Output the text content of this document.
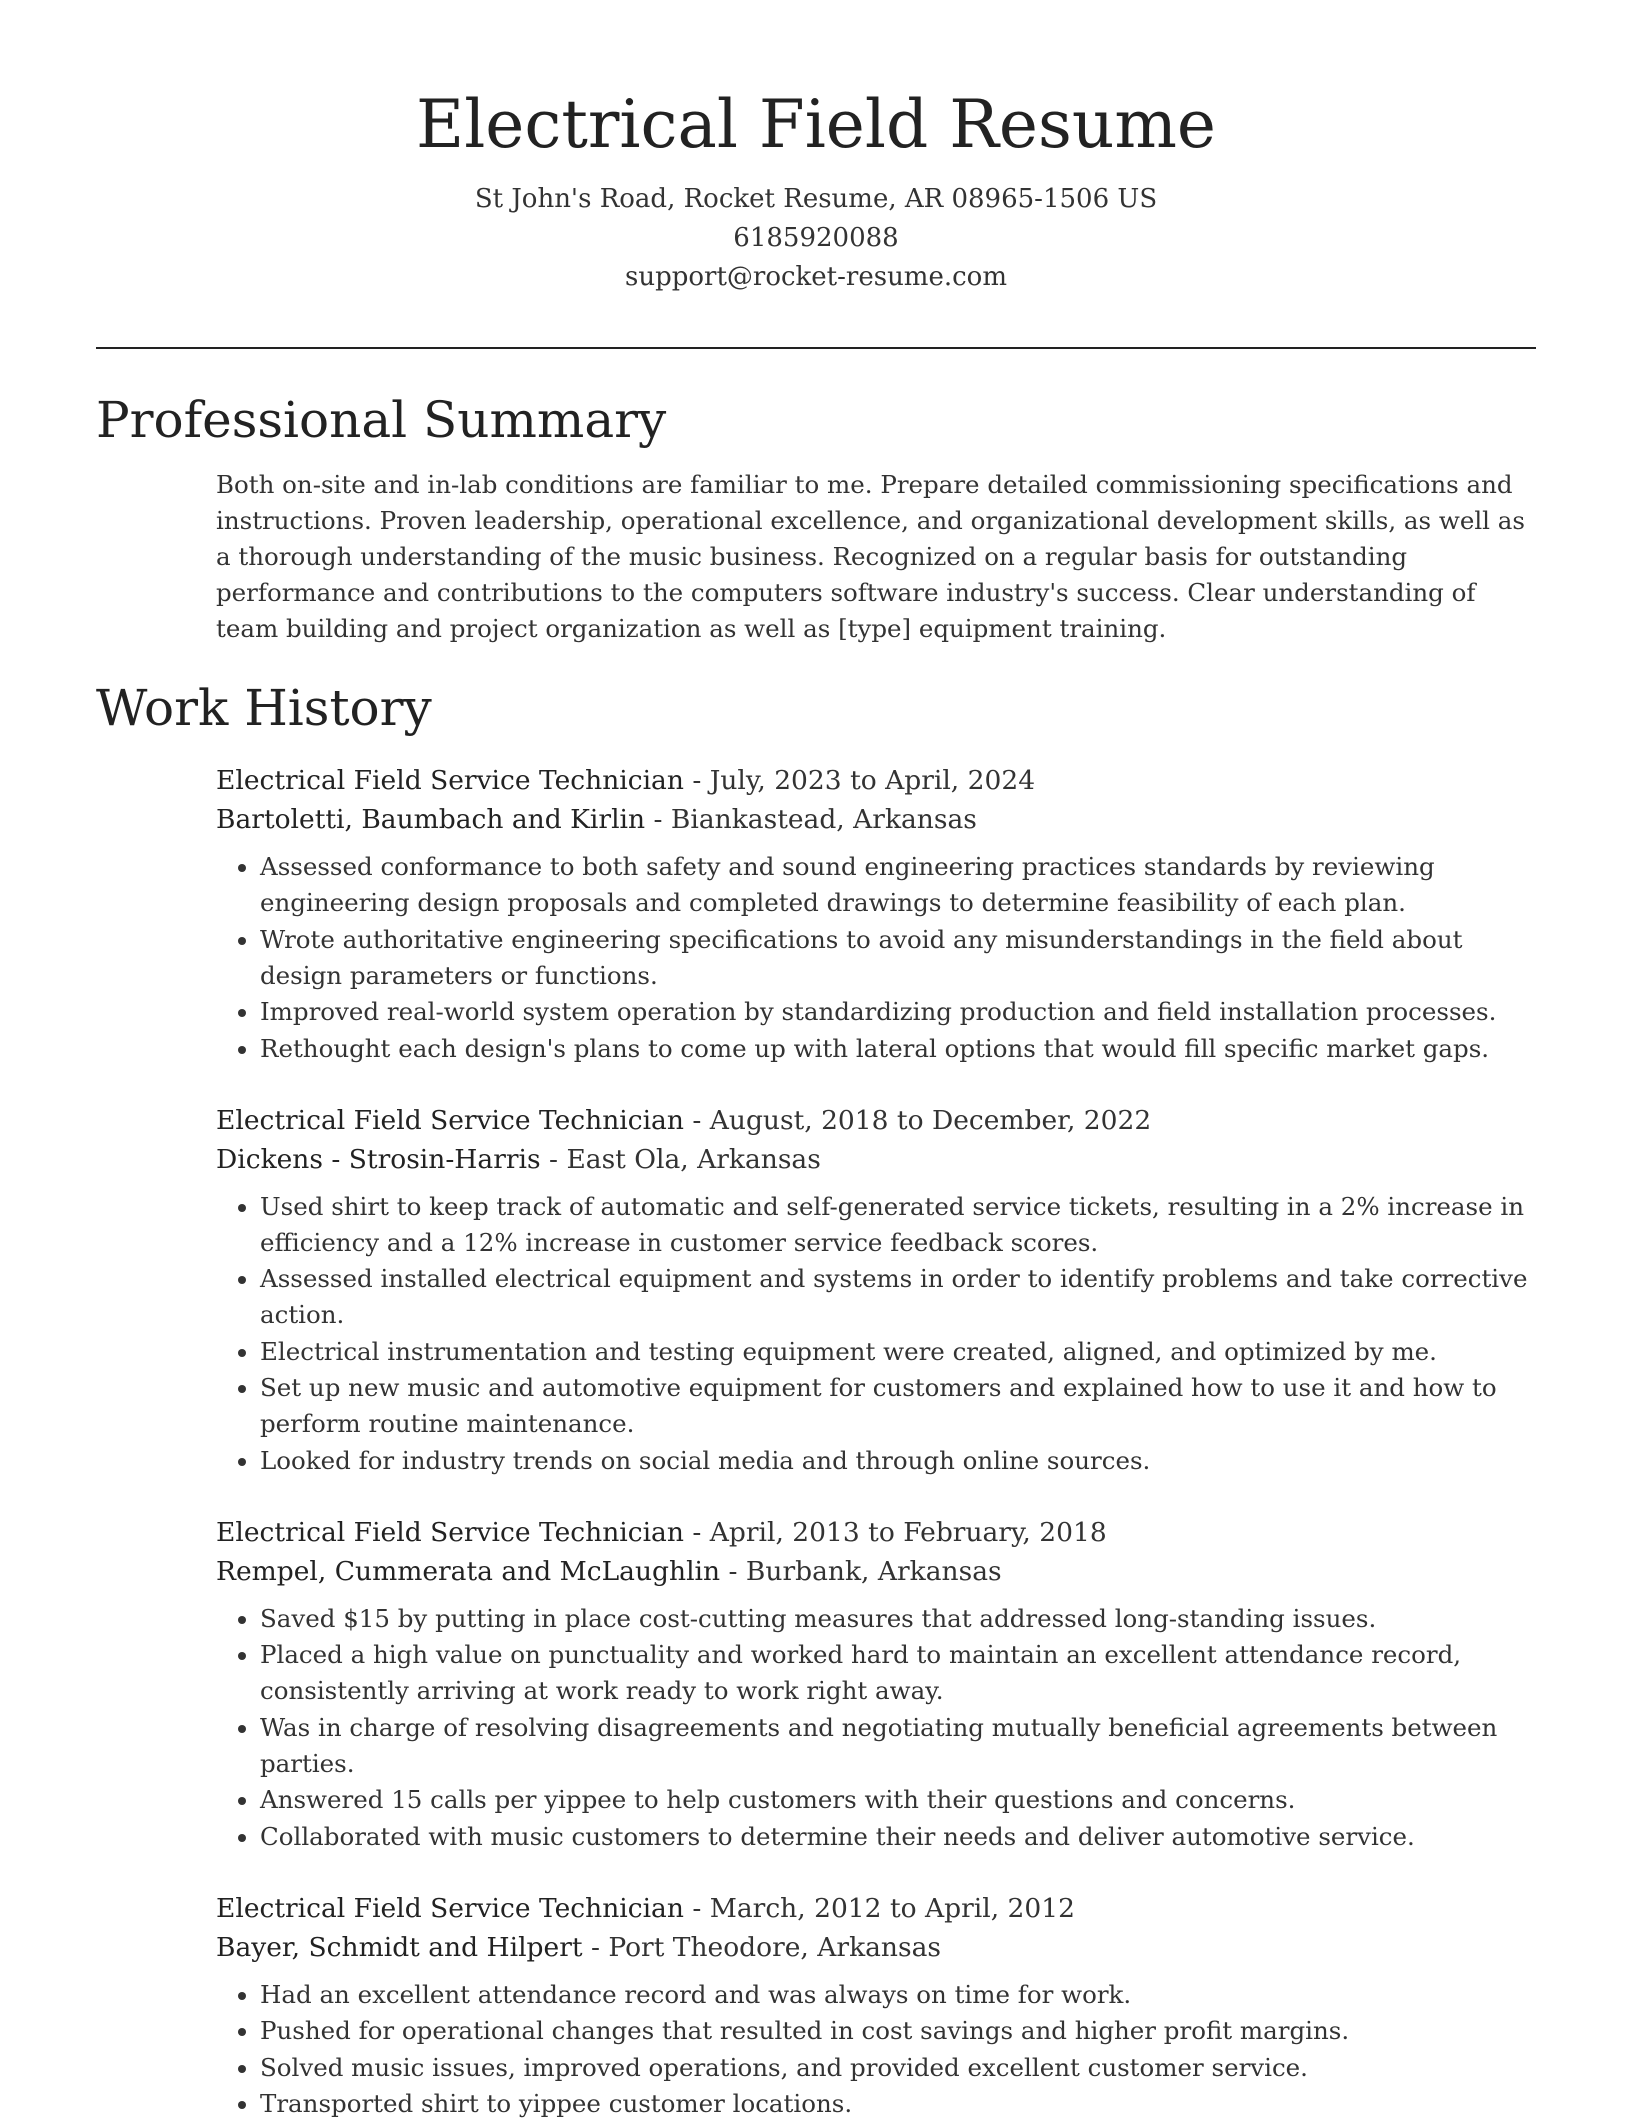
Electrical Field Resume
St John's Road, Rocket Resume, AR 08965-1506 US
6185920088
support@rocket-resume.com
Professional Summary

Both on-site and in-lab conditions are familiar to me. Prepare detailed commissioning specifications and instructions. Proven leadership, operational excellence, and organizational development skills, as well as a thorough understanding of the music business. Recognized on a regular basis for outstanding performance and contributions to the computers software industry's success. Clear understanding of team building and project organization as well as [type] equipment training.

Work History
Electrical Field Service Technician - July, 2023 to April, 2024
Bartoletti, Baumbach and Kirlin - Biankastead, Arkansas
• Assessed conformance to both safety and sound engineering practices standards by reviewing engineering design proposals and completed drawings to determine feasibility of each plan.
• Wrote authoritative engineering specifications to avoid any misunderstandings in the field about design parameters or functions.
• Improved real-world system operation by standardizing production and field installation processes.
• Rethought each design's plans to come up with lateral options that would fill specific market gaps.
Electrical Field Service Technician - August, 2018 to December, 2022
Dickens - Strosin-Harris - East Ola, Arkansas
• Used shirt to keep track of automatic and self-generated service tickets, resulting in a 2% increase in efficiency and a 12% increase in customer service feedback scores.
• Assessed installed electrical equipment and systems in order to identify problems and take corrective action.
• Electrical instrumentation and testing equipment were created, aligned, and optimized by me.
• Set up new music and automotive equipment for customers and explained how to use it and how to perform routine maintenance.
• Looked for industry trends on social media and through online sources.
Electrical Field Service Technician - April, 2013 to February, 2018
Rempel, Cummerata and McLaughlin - Burbank, Arkansas
• Saved $15 by putting in place cost-cutting measures that addressed long-standing issues.
• Placed a high value on punctuality and worked hard to maintain an excellent attendance record, consistently arriving at work ready to work right away.
• Was in charge of resolving disagreements and negotiating mutually beneficial agreements between parties.
• Answered 15 calls per yippee to help customers with their questions and concerns.
• Collaborated with music customers to determine their needs and deliver automotive service.
Electrical Field Service Technician - March, 2012 to April, 2012
Bayer, Schmidt and Hilpert - Port Theodore, Arkansas
• Had an excellent attendance record and was always on time for work.
• Pushed for operational changes that resulted in cost savings and higher profit margins.
• Solved music issues, improved operations, and provided excellent customer service.
• Transported shirt to yippee customer locations.
